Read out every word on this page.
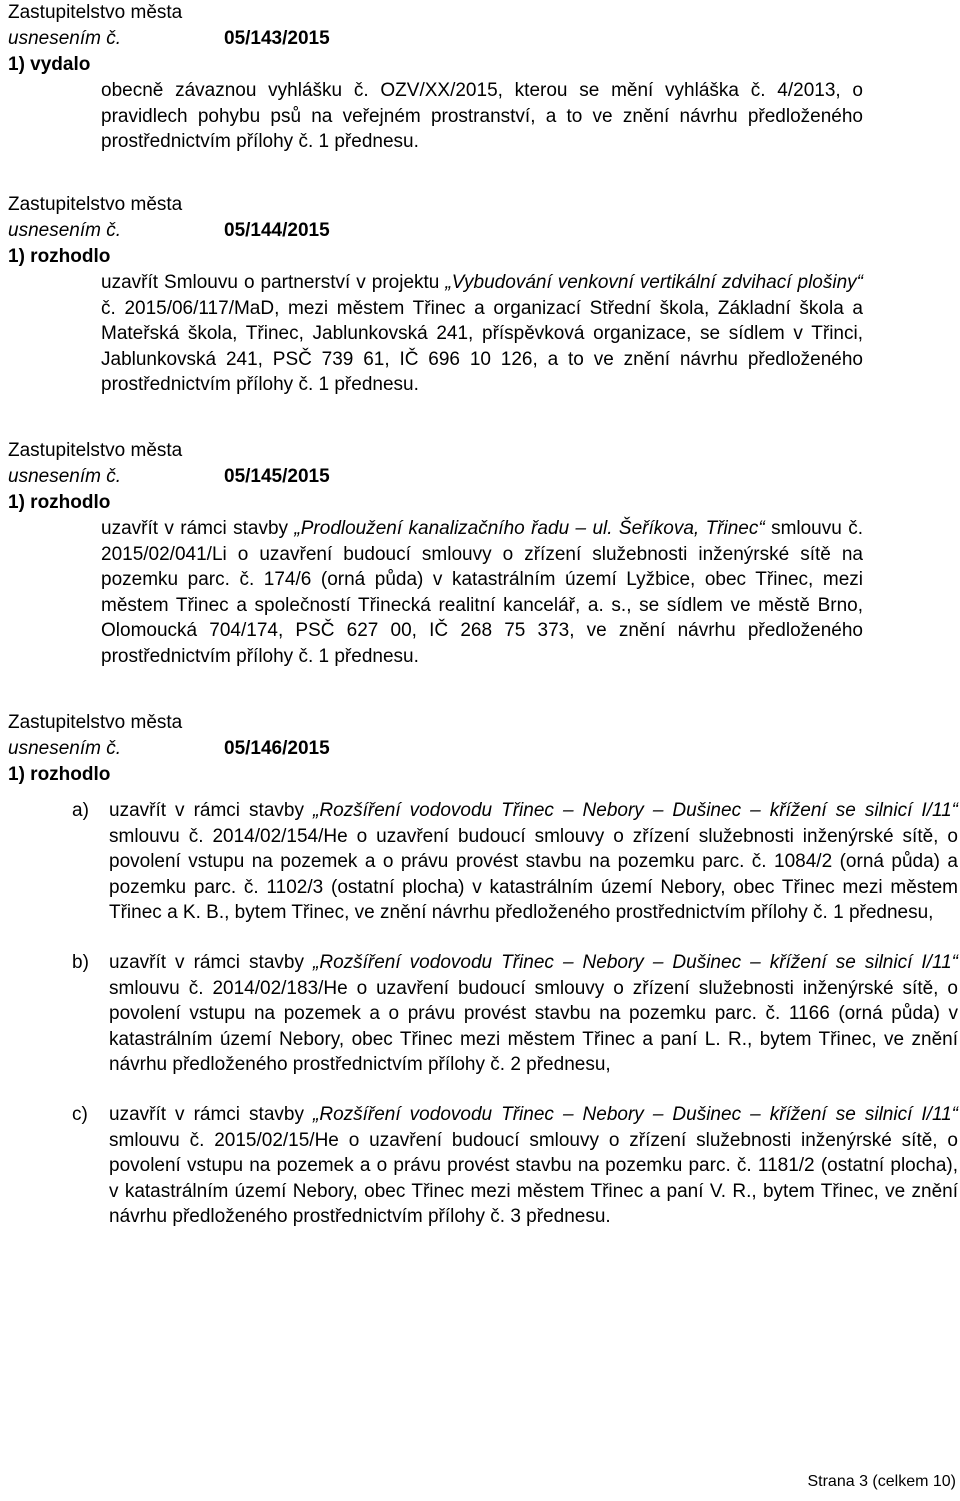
Zastupitelstvo města
usnesením č.	05/143/2015
1) vydalo

obecně závaznou vyhlášku č. OZV/XX/2015, kterou se mění vyhláška č. 4/2013, o pravidlech pohybu psů na veřejném prostranství, a to ve znění návrhu předloženého prostřednictvím přílohy č. 1 přednesu.

Zastupitelstvo města
usnesením č.	05/144/2015
1) rozhodlo

uzavřít Smlouvu o partnerství v projektu „Vybudování venkovní vertikální zdvihací plošiny“ č. 2015/06/117/MaD, mezi městem Třinec a organizací Střední škola, Základní škola a Mateřská škola, Třinec, Jablunkovská 241, příspěvková organizace, se sídlem v Třinci, Jablunkovská 241, PSČ 739 61, IČ 696 10 126, a to ve znění návrhu předloženého prostřednictvím přílohy č. 1 přednesu.

Zastupitelstvo města
usnesením č.	05/145/2015
1) rozhodlo

uzavřít v rámci stavby „Prodloužení kanalizačního řadu – ul. Šeříkova, Třinec“ smlouvu č. 2015/02/041/Li o uzavření budoucí smlouvy o zřízení služebnosti inženýrské sítě na pozemku parc. č. 174/6 (orná půda) v katastrálním území Lyžbice, obec Třinec, mezi městem Třinec a společností Třinecká realitní kancelář, a. s., se sídlem ve městě Brno, Olomoucká 704/174, PSČ 627 00, IČ 268 75 373, ve znění návrhu předloženého prostřednictvím přílohy č. 1 přednesu.

Zastupitelstvo města
usnesením č.	05/146/2015
1) rozhodlo
a) uzavřít v rámci stavby „Rozšíření vodovodu Třinec – Nebory – Dušinec – křížení se silnicí I/11“ smlouvu č. 2014/02/154/He o uzavření budoucí smlouvy o zřízení služebnosti inženýrské sítě, o povolení vstupu na pozemek a o právu provést stavbu na pozemku parc. č. 1084/2 (orná půda) a pozemku parc. č. 1102/3 (ostatní plocha) v katastrálním území Nebory, obec Třinec mezi městem Třinec a K. B., bytem Třinec, ve znění návrhu předloženého prostřednictvím přílohy č. 1 přednesu,
b) uzavřít v rámci stavby „Rozšíření vodovodu Třinec – Nebory – Dušinec – křížení se silnicí I/11“ smlouvu č. 2014/02/183/He o uzavření budoucí smlouvy o zřízení služebnosti inženýrské sítě, o povolení vstupu na pozemek a o právu provést stavbu na pozemku parc. č. 1166 (orná půda) v katastrálním území Nebory, obec Třinec mezi městem Třinec a paní L. R., bytem Třinec, ve znění návrhu předloženého prostřednictvím přílohy č. 2 přednesu,
c) uzavřít v rámci stavby „Rozšíření vodovodu Třinec – Nebory – Dušinec – křížení se silnicí I/11“ smlouvu č. 2015/02/15/He o uzavření budoucí smlouvy o zřízení služebnosti inženýrské sítě, o povolení vstupu na pozemek a o právu provést stavbu na pozemku parc. č. 1181/2 (ostatní plocha), v katastrálním území Nebory, obec Třinec mezi městem Třinec a paní V. R., bytem Třinec, ve znění návrhu předloženého prostřednictvím přílohy č. 3 přednesu.
Strana 3 (celkem 10)
